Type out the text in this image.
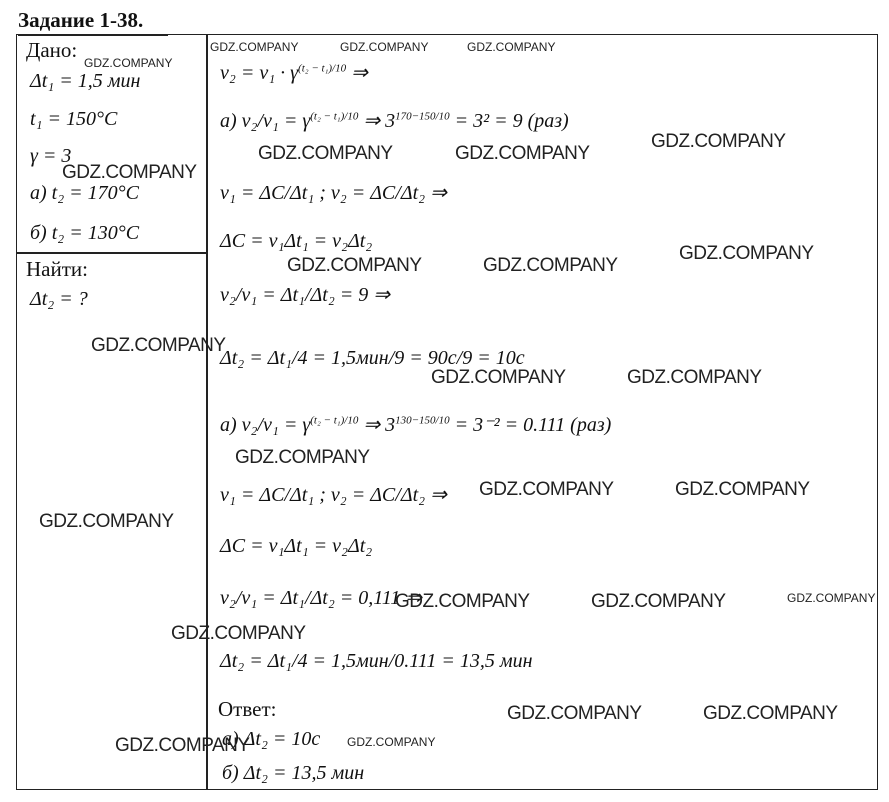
Задание 1-38.
Дано:
Δt₁ = 1,5 мин
t₁ = 150°C
γ = 3
а) t₂ = 170°C
б) t₂ = 130°C
Найти:
Δt₂ = ?
$v_2 = v_1 \cdot \gamma^{(t_2 - t_1)/10}$ ⇒
а) $v_2/v_1 = \gamma^{(t_2 - t_1)/10}$ ⇒ $3^{170-150/10} = 3^2 = 9$ (раз)
v₁ = ΔC/Δt₁ ; v₂ = ΔC/Δt₂ ⇒
ΔC = v₁Δt₁ = v₂Δt₂
v₂/v₁ = Δt₁/Δt₂ = 9 ⇒
Δt₂ = Δt₁/4 = 1,5мин/9 = 90с/9 = 10с
а) $v_2/v_1 = \gamma^{(t_2 - t_1)/10}$ ⇒ $3^{130-150/10} = 3^{-2} = 0.111$ (раз)
v₁ = ΔC/Δt₁ ; v₂ = ΔC/Δt₂ ⇒
ΔC = v₁Δt₁ = v₂Δt₂
v₂/v₁ = Δt₁/Δt₂ = 0,111 ⇒
Δt₂ = Δt₁/4 = 1,5мин/0.111 = 13,5 мин
Ответ:
а) Δt₂ = 10с
б) Δt₂ = 13,5 мин
GDZ.COMPANY	GDZ.COMPANY	GDZ.COMPANY
GDZ.COMPANY
GDZ.COMPANY
GDZ.COMPANY	GDZ.COMPANY
GDZ.COMPANY
GDZ.COMPANY	GDZ.COMPANY
GDZ.COMPANY
GDZ.COMPANY
GDZ.COMPANY	GDZ.COMPANY
GDZ.COMPANY
GDZ.COMPANY	GDZ.COMPANY
GDZ.COMPANY
GDZ.COMPANY	GDZ.COMPANY	GDZ.COMPANY
GDZ.COMPANY
GDZ.COMPANY	GDZ.COMPANY
GDZ.COMPANY	GDZ.COMPANY
